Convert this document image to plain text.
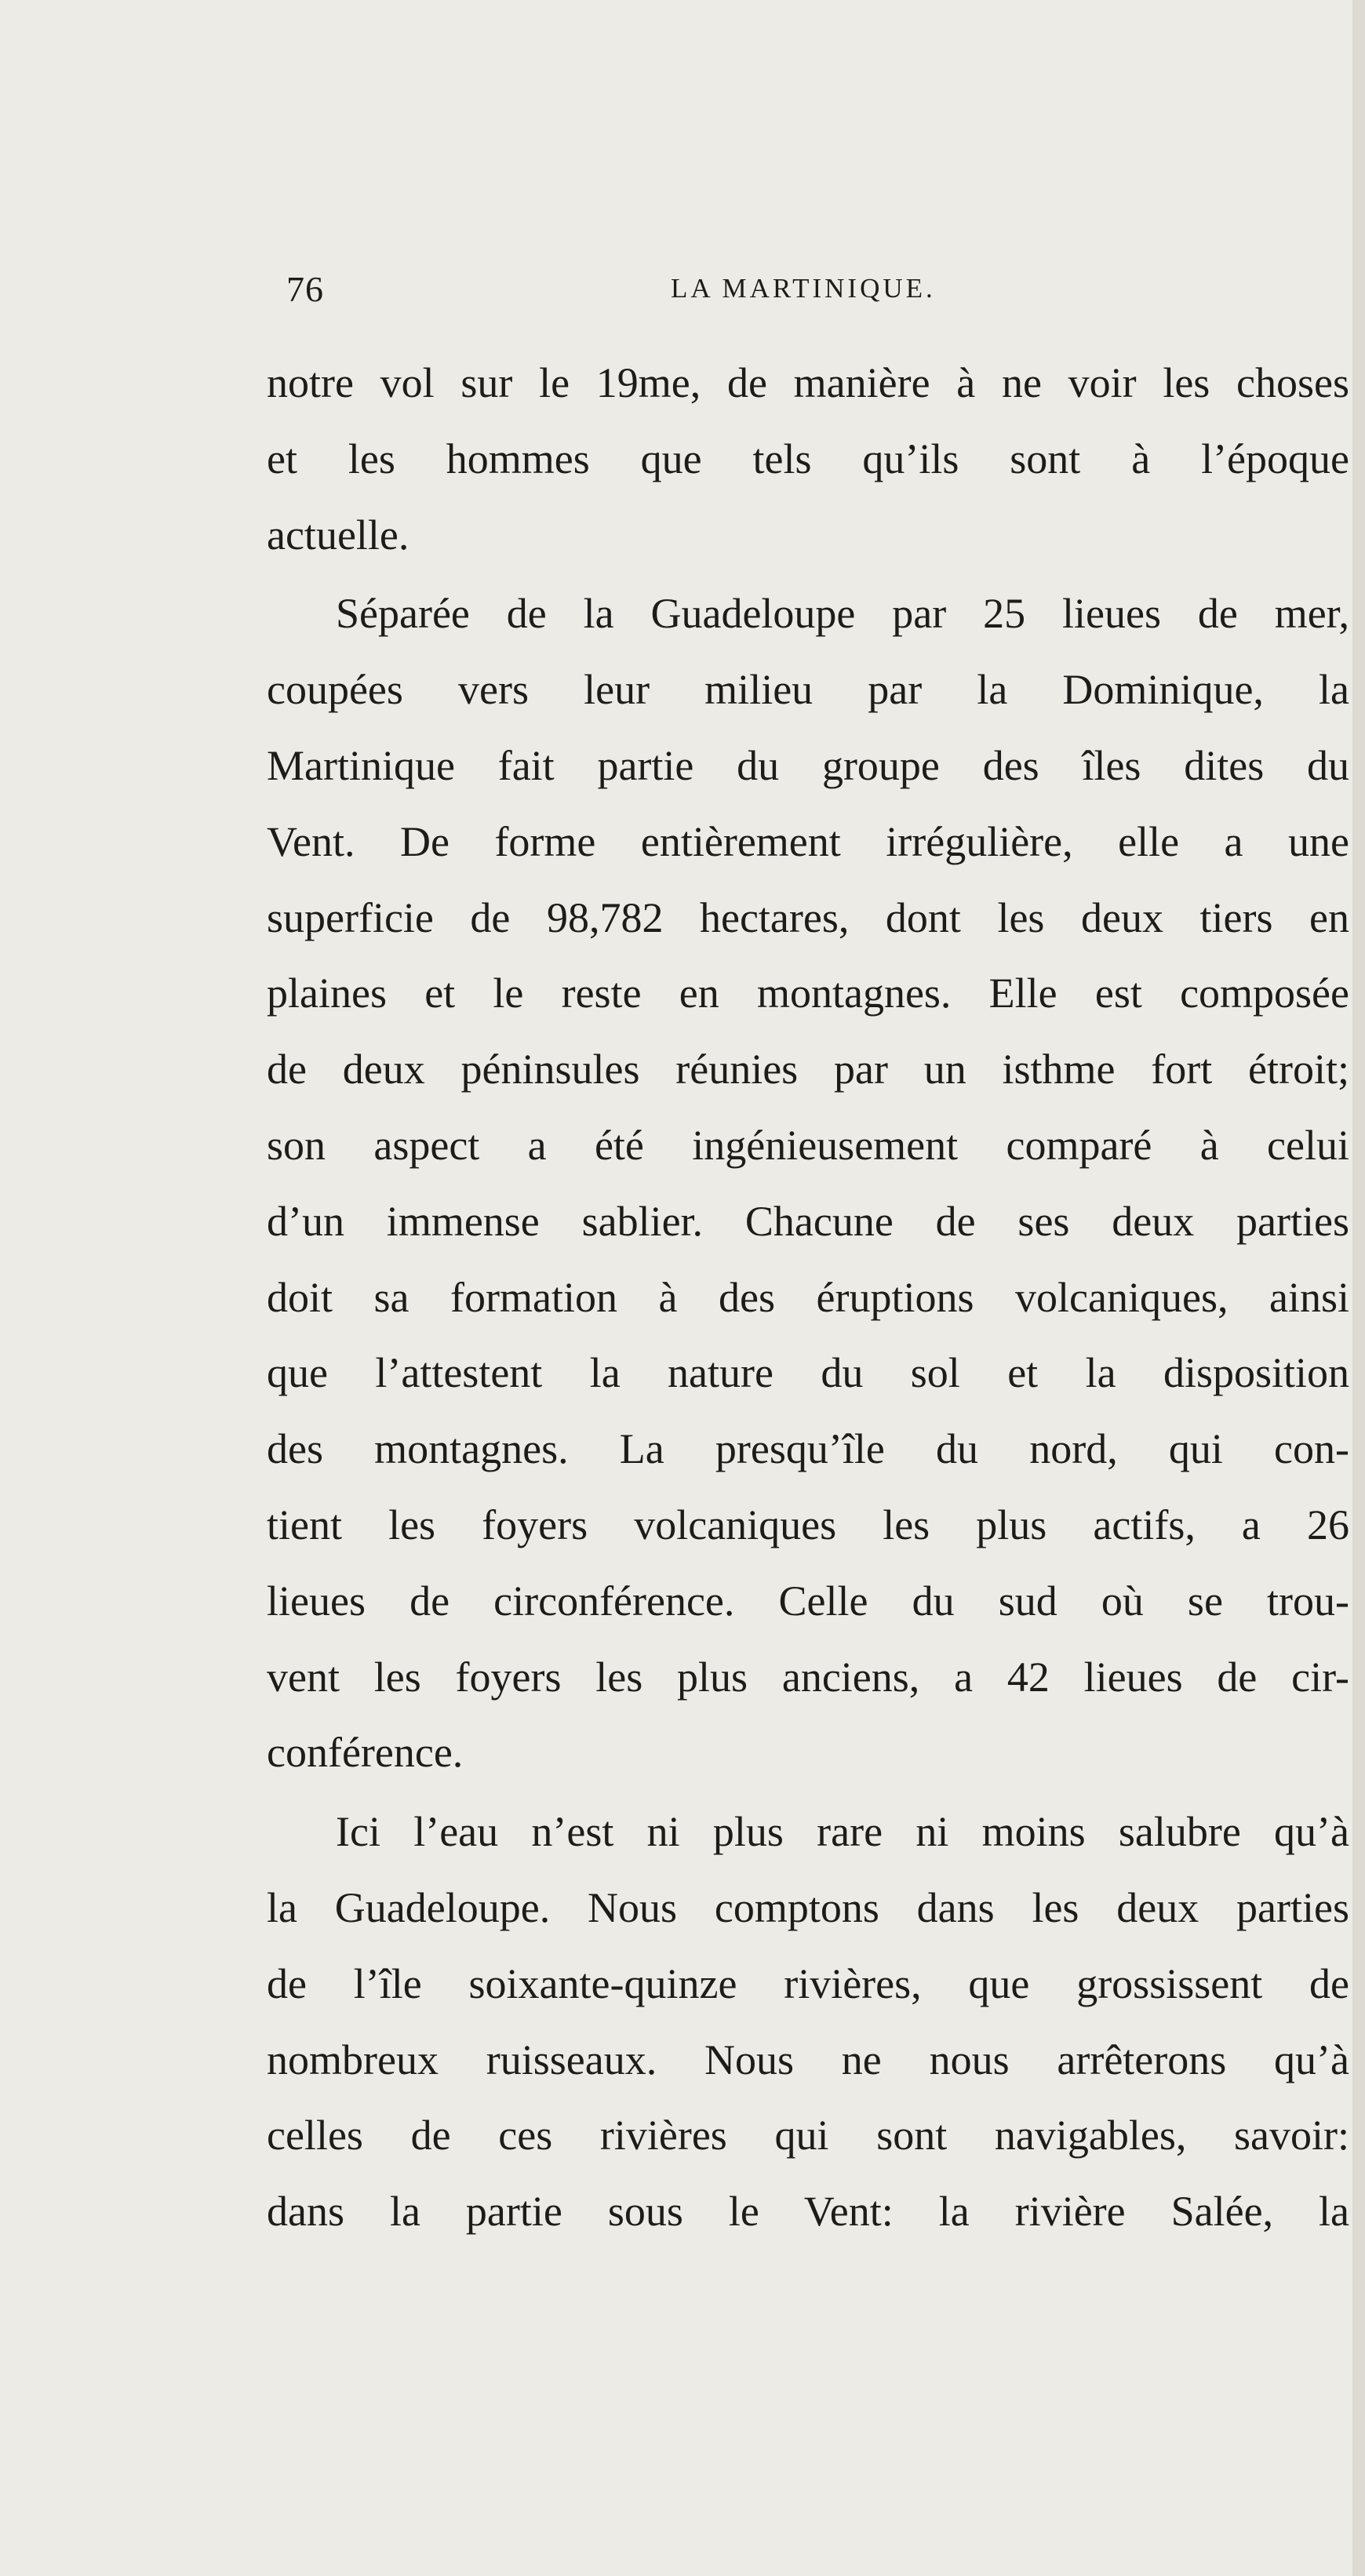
76	LA MARTINIQUE.
notre vol sur le 19me, de manière à ne voir les choses
et les hommes que tels qu’ils sont à l’époque
actuelle.
Séparée de la Guadeloupe par 25 lieues de mer,
coupées vers leur milieu par la Dominique, la
Martinique fait partie du groupe des îles dites du
Vent. De forme entièrement irrégulière, elle a une
superficie de 98,782 hectares, dont les deux tiers en
plaines et le reste en montagnes. Elle est composée
de deux péninsules réunies par un isthme fort étroit;
son aspect a été ingénieusement comparé à celui
d’un immense sablier. Chacune de ses deux parties
doit sa formation à des éruptions volcaniques, ainsi
que l’attestent la nature du sol et la disposition
des montagnes. La presqu’île du nord, qui con-
tient les foyers volcaniques les plus actifs, a 26
lieues de circonférence. Celle du sud où se trou-
vent les foyers les plus anciens, a 42 lieues de cir-
conférence.
Ici l’eau n’est ni plus rare ni moins salubre qu’à
la Guadeloupe. Nous comptons dans les deux parties
de l’île soixante-quinze rivières, que grossissent de
nombreux ruisseaux. Nous ne nous arrêterons qu’à
celles de ces rivières qui sont navigables, savoir:
dans la partie sous le Vent: la rivière Salée, la
